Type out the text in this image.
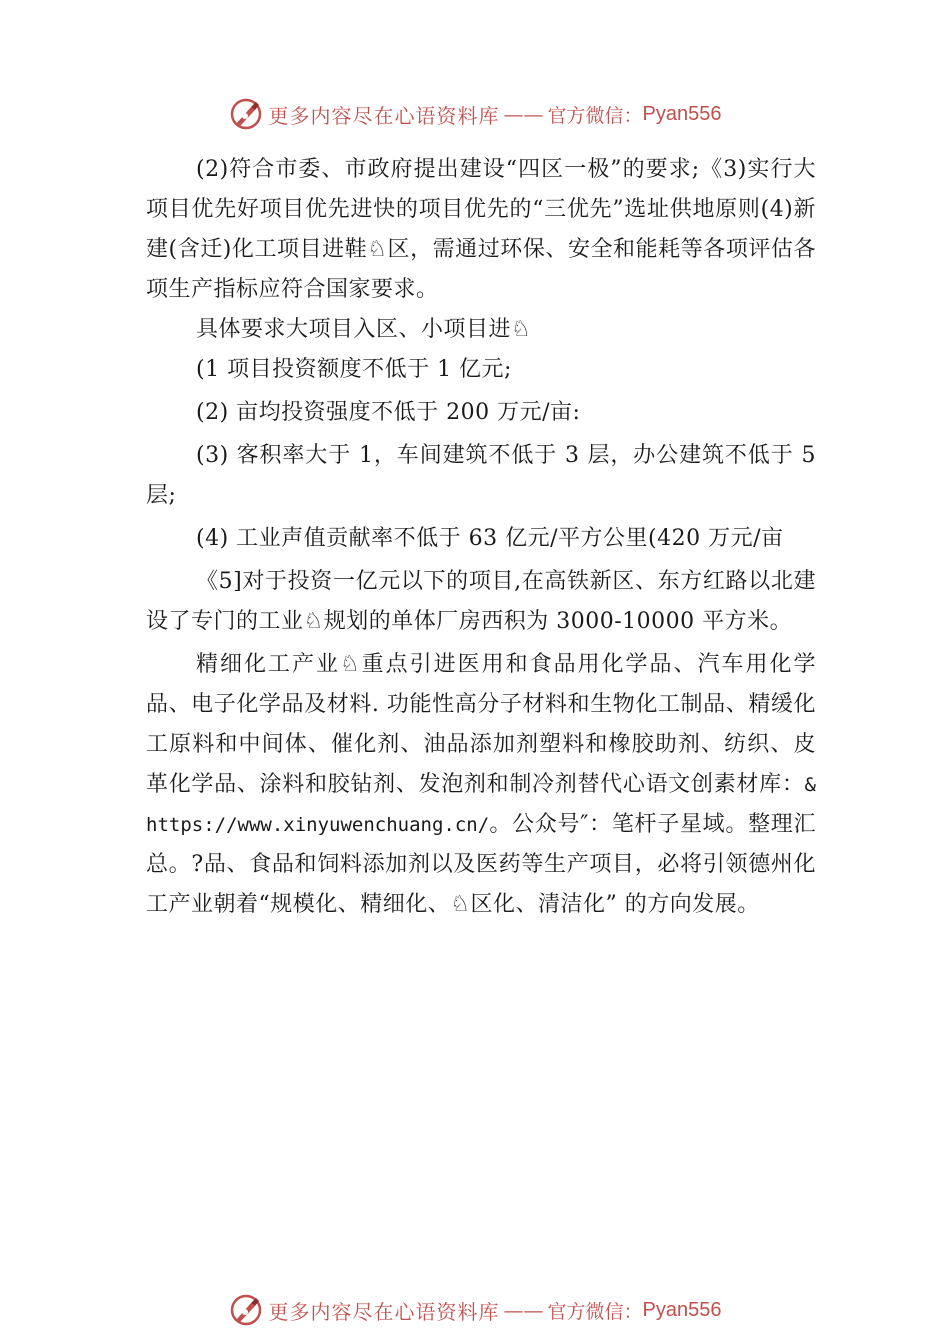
更多内容尽在心语资料库 —— 官方微信： Pyan556

(2)符合市委、市政府提出建设“四区一极”的要求;《3)实行大项目优先好项目优先进快的项目优先的“三优先”选址供地原则(4)新建(含迁)化工项目进鞋♘区，需通过环保、安全和能耗等各项评估各项生产指标应符合国家要求。

具体要求大项目入区、小项目进♘

(1 项目投资额度不低于 1 亿元;

(2) 亩均投资强度不低于 200 万元/亩:

(3) 客积率大于 1，车间建筑不低于 3 层，办公建筑不低于 5 层;

(4) 工业声值贡献率不低于 63 亿元/平方公里(420 万元/亩

《5]对于投资一亿元以下的项目,在高铁新区、东方红路以北建设了专门的工业♘规划的单体厂房西积为 3000-10000 平方米。

精细化工产业♘重点引进医用和食品用化学品、汽车用化学品、电子化学品及材料. 功能性高分子材料和生物化工制品、精缓化工原料和中间体、催化剂、油品添加剂塑料和橡胶助剂、纺织、皮革化学品、涂料和胶钻剂、发泡剂和制冷剂替代心语文创素材库：&https://www.xinyuwenchuang.cn/。公众号″：笔杆子星域。整理汇总。?品、食品和饲料添加剂以及医药等生产项目，必将引领德州化工产业朝着“规模化、精细化、♘区化、清洁化” 的方向发展。

更多内容尽在心语资料库 —— 官方微信： Pyan556
